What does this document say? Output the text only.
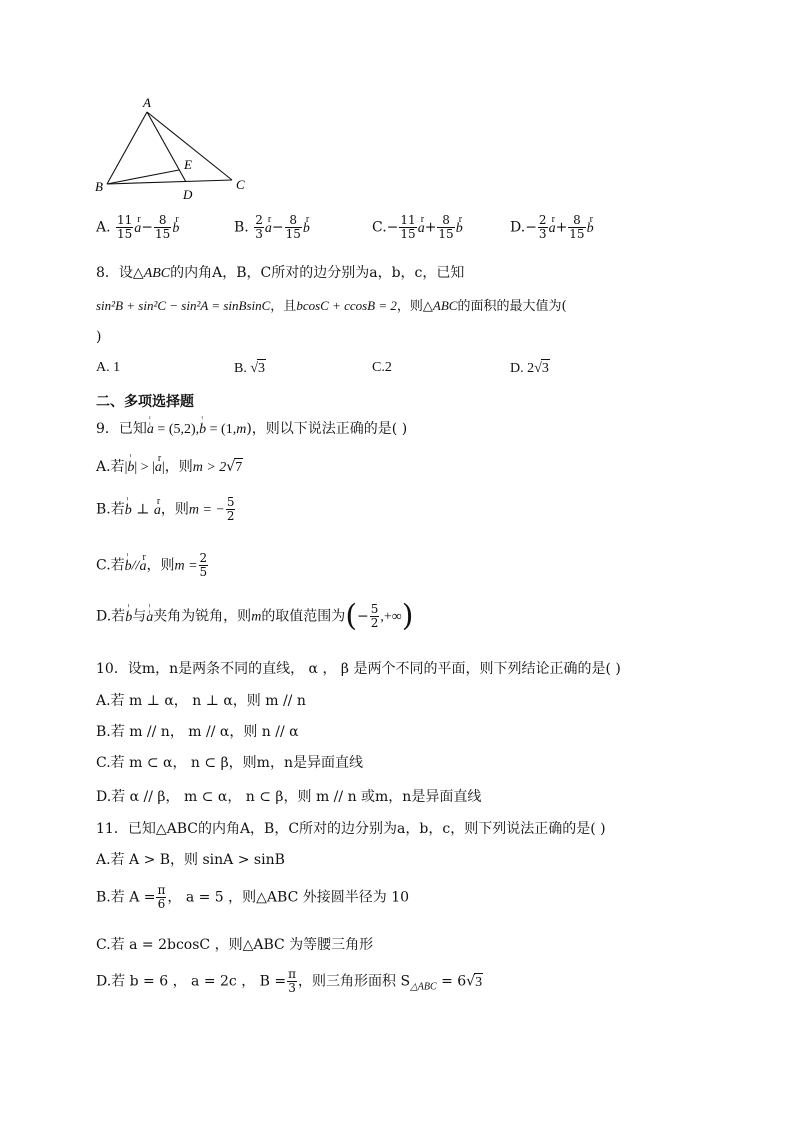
A
B	C
D
E
A. $\frac{11}{15}$ r $a- \frac{8}{15}$ r b	B. $\frac{2}{3}$ r $a- \frac{8}{15}$ r b	$C.- \frac{11}{15}$ r $a+ \frac{8}{15}$ r b	$D.- \frac{2}{3}$ r $a+ \frac{8}{15}$ r b
8．设△ABC的内角A，B，C所对的边分别为a，b，c，已知
sin²B + sin²C − sin²A = sinBsinC，且bcosC + ccosB = 2，则△ABC的面积的最大值为(
)
A. 1	B. √3	C.2	D. 2√3
二、多项选择题
9．已知¦ a = (5,2),¦ b = (1,m)，则以下说法正确的是( )
A.若|¦ b| > |r a|，则m > 2√7
B.若¦ b ⊥ r a，则m = − $\frac{5}{2}$
C.若¦ b//r a，则$m = \frac{2}{5}$
D.若¦ b与¦ a夹角为锐角，则m的取值范围为(− $\frac{5}{2}$ ,+∞)
10．设m，n是两条不同的直线， α ， β 是两个不同的平面，则下列结论正确的是( )
A.若 m ⊥ α， n ⊥ α，则 m // n
B.若 m // n， m // α，则 n // α
C.若 m ⊂ α， n ⊂ β，则m，n是异面直线
D.若 α // β， m ⊂ α， n ⊂ β，则 m // n 或m，n是异面直线
11．已知△ABC的内角A，B，C所对的边分别为a，b，c，则下列说法正确的是( )
A.若 A > B，则 sinA > sinB
B.若 $A = \frac{\pi}{6}$ ， a = 5 ，则△ABC 外接圆半径为 10
C.若 a = 2bcosC ，则△ABC 为等腰三角形
D.若 b = 6 ， a = 2c ， $B = \frac{\pi}{3}$ ，则三角形面积 $S_{\triangle ABC} = 6√3$
